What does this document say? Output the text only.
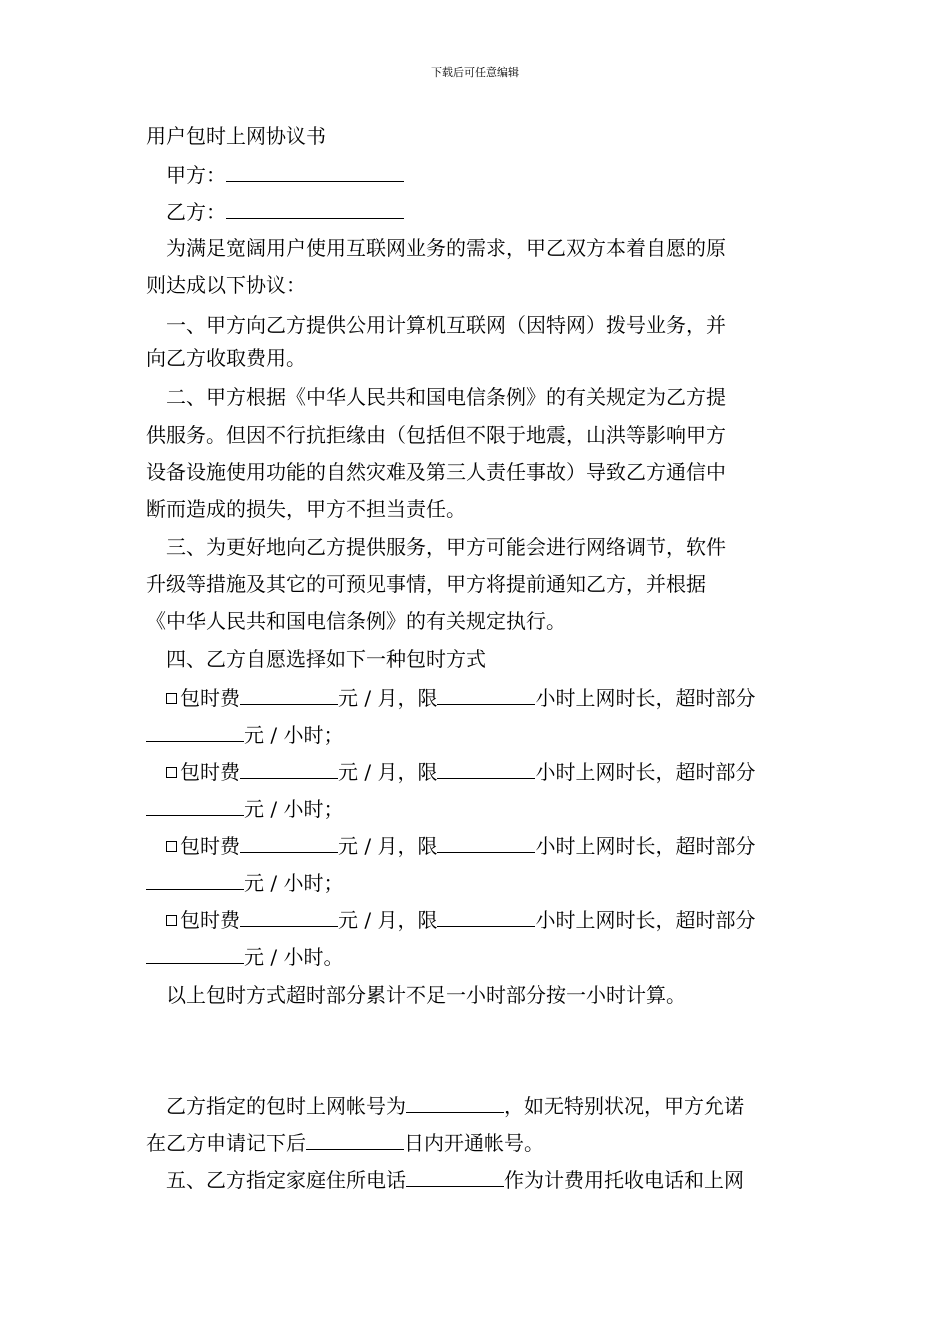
下载后可任意编辑
用户包时上网协议书
甲方：
乙方：
为满足宽阔用户使用互联网业务的需求，甲乙双方本着自愿的原
则达成以下协议：
一、甲方向乙方提供公用计算机互联网（因特网）拨号业务，并
向乙方收取费用。
二、甲方根据《中华人民共和国电信条例》的有关规定为乙方提
供服务。但因不行抗拒缘由（包括但不限于地震，山洪等影响甲方
设备设施使用功能的自然灾难及第三人责任事故）导致乙方通信中
断而造成的损失，甲方不担当责任。
三、为更好地向乙方提供服务，甲方可能会进行网络调节，软件
升级等措施及其它的可预见事情，甲方将提前通知乙方，并根据
《中华人民共和国电信条例》的有关规定执行。
四、乙方自愿选择如下一种包时方式
包时费	元 / 月，限	小时上网时长，超时部分
元 / 小时；
包时费	元 / 月，限	小时上网时长，超时部分
元 / 小时；
包时费	元 / 月，限	小时上网时长，超时部分
元 / 小时；
包时费	元 / 月，限	小时上网时长，超时部分
元 / 小时。
以上包时方式超时部分累计不足一小时部分按一小时计算。
乙方指定的包时上网帐号为	，如无特别状况，甲方允诺
在乙方申请记下后	日内开通帐号。
五、乙方指定家庭住所电话	作为计费用托收电话和上网
